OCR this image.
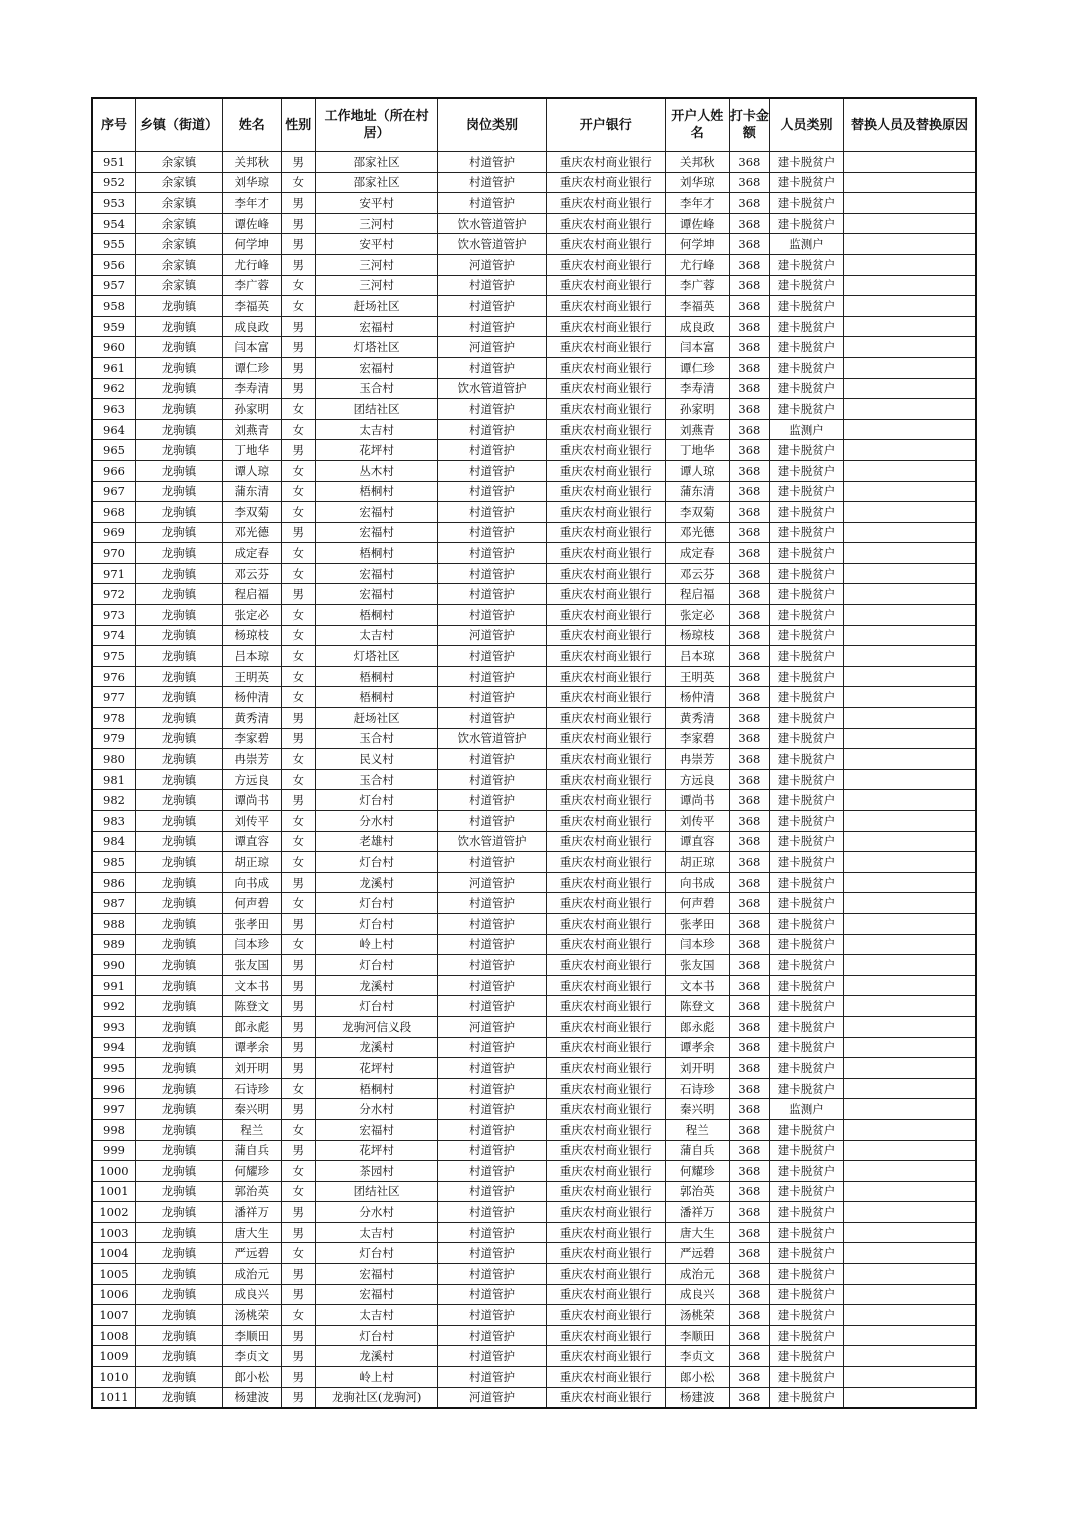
序号	乡镇（街道）	姓名	性别	工作地址（所在村居）	岗位类别	开户银行	开户人姓名	打卡金额	人员类别	替换人员及替换原因
951	余家镇	关邦秋	男	邵家社区	村道管护	重庆农村商业银行	关邦秋	368	建卡脱贫户	
952	余家镇	刘华琼	女	邵家社区	村道管护	重庆农村商业银行	刘华琼	368	建卡脱贫户	
953	余家镇	李年才	男	安平村	村道管护	重庆农村商业银行	李年才	368	建卡脱贫户	
954	余家镇	谭佐峰	男	三河村	饮水管道管护	重庆农村商业银行	谭佐峰	368	建卡脱贫户	
955	余家镇	何学坤	男	安平村	饮水管道管护	重庆农村商业银行	何学坤	368	监测户	
956	余家镇	尤行峰	男	三河村	河道管护	重庆农村商业银行	尤行峰	368	建卡脱贫户	
957	余家镇	李广蓉	女	三河村	村道管护	重庆农村商业银行	李广蓉	368	建卡脱贫户	
958	龙驹镇	李福英	女	赶场社区	村道管护	重庆农村商业银行	李福英	368	建卡脱贫户	
959	龙驹镇	成良政	男	宏福村	村道管护	重庆农村商业银行	成良政	368	建卡脱贫户	
960	龙驹镇	闫本富	男	灯塔社区	河道管护	重庆农村商业银行	闫本富	368	建卡脱贫户	
961	龙驹镇	谭仁珍	男	宏福村	村道管护	重庆农村商业银行	谭仁珍	368	建卡脱贫户	
962	龙驹镇	李寿清	男	玉合村	饮水管道管护	重庆农村商业银行	李寿清	368	建卡脱贫户	
963	龙驹镇	孙家明	女	团结社区	村道管护	重庆农村商业银行	孙家明	368	建卡脱贫户	
964	龙驹镇	刘燕青	女	太吉村	村道管护	重庆农村商业银行	刘燕青	368	监测户	
965	龙驹镇	丁地华	男	花坪村	村道管护	重庆农村商业银行	丁地华	368	建卡脱贫户	
966	龙驹镇	谭人琼	女	丛木村	村道管护	重庆农村商业银行	谭人琼	368	建卡脱贫户	
967	龙驹镇	蒲东清	女	梧桐村	村道管护	重庆农村商业银行	蒲东清	368	建卡脱贫户	
968	龙驹镇	李双菊	女	宏福村	村道管护	重庆农村商业银行	李双菊	368	建卡脱贫户	
969	龙驹镇	邓光德	男	宏福村	村道管护	重庆农村商业银行	邓光德	368	建卡脱贫户	
970	龙驹镇	成定春	女	梧桐村	村道管护	重庆农村商业银行	成定春	368	建卡脱贫户	
971	龙驹镇	邓云芬	女	宏福村	村道管护	重庆农村商业银行	邓云芬	368	建卡脱贫户	
972	龙驹镇	程启福	男	宏福村	村道管护	重庆农村商业银行	程启福	368	建卡脱贫户	
973	龙驹镇	张定必	女	梧桐村	村道管护	重庆农村商业银行	张定必	368	建卡脱贫户	
974	龙驹镇	杨琼枝	女	太吉村	河道管护	重庆农村商业银行	杨琼枝	368	建卡脱贫户	
975	龙驹镇	吕本琼	女	灯塔社区	村道管护	重庆农村商业银行	吕本琼	368	建卡脱贫户	
976	龙驹镇	王明英	女	梧桐村	村道管护	重庆农村商业银行	王明英	368	建卡脱贫户	
977	龙驹镇	杨仲清	女	梧桐村	村道管护	重庆农村商业银行	杨仲清	368	建卡脱贫户	
978	龙驹镇	黄秀清	男	赶场社区	村道管护	重庆农村商业银行	黄秀清	368	建卡脱贫户	
979	龙驹镇	李家碧	男	玉合村	饮水管道管护	重庆农村商业银行	李家碧	368	建卡脱贫户	
980	龙驹镇	冉崇芳	女	民义村	村道管护	重庆农村商业银行	冉崇芳	368	建卡脱贫户	
981	龙驹镇	方远良	女	玉合村	村道管护	重庆农村商业银行	方远良	368	建卡脱贫户	
982	龙驹镇	谭尚书	男	灯台村	村道管护	重庆农村商业银行	谭尚书	368	建卡脱贫户	
983	龙驹镇	刘传平	女	分水村	村道管护	重庆农村商业银行	刘传平	368	建卡脱贫户	
984	龙驹镇	谭直容	女	老雄村	饮水管道管护	重庆农村商业银行	谭直容	368	建卡脱贫户	
985	龙驹镇	胡正琼	女	灯台村	村道管护	重庆农村商业银行	胡正琼	368	建卡脱贫户	
986	龙驹镇	向书成	男	龙溪村	河道管护	重庆农村商业银行	向书成	368	建卡脱贫户	
987	龙驹镇	何声碧	女	灯台村	村道管护	重庆农村商业银行	何声碧	368	建卡脱贫户	
988	龙驹镇	张孝田	男	灯台村	村道管护	重庆农村商业银行	张孝田	368	建卡脱贫户	
989	龙驹镇	闫本珍	女	岭上村	村道管护	重庆农村商业银行	闫本珍	368	建卡脱贫户	
990	龙驹镇	张友国	男	灯台村	村道管护	重庆农村商业银行	张友国	368	建卡脱贫户	
991	龙驹镇	文本书	男	龙溪村	村道管护	重庆农村商业银行	文本书	368	建卡脱贫户	
992	龙驹镇	陈登文	男	灯台村	村道管护	重庆农村商业银行	陈登文	368	建卡脱贫户	
993	龙驹镇	郎永彪	男	龙驹河信义段	河道管护	重庆农村商业银行	郎永彪	368	建卡脱贫户	
994	龙驹镇	谭孝余	男	龙溪村	村道管护	重庆农村商业银行	谭孝余	368	建卡脱贫户	
995	龙驹镇	刘开明	男	花坪村	村道管护	重庆农村商业银行	刘开明	368	建卡脱贫户	
996	龙驹镇	石诗珍	女	梧桐村	村道管护	重庆农村商业银行	石诗珍	368	建卡脱贫户	
997	龙驹镇	秦兴明	男	分水村	村道管护	重庆农村商业银行	秦兴明	368	监测户	
998	龙驹镇	程兰	女	宏福村	村道管护	重庆农村商业银行	程兰	368	建卡脱贫户	
999	龙驹镇	蒲自兵	男	花坪村	村道管护	重庆农村商业银行	蒲自兵	368	建卡脱贫户	
1000	龙驹镇	何耀珍	女	茶园村	村道管护	重庆农村商业银行	何耀珍	368	建卡脱贫户	
1001	龙驹镇	郭治英	女	团结社区	村道管护	重庆农村商业银行	郭治英	368	建卡脱贫户	
1002	龙驹镇	潘祥万	男	分水村	村道管护	重庆农村商业银行	潘祥万	368	建卡脱贫户	
1003	龙驹镇	唐大生	男	太吉村	村道管护	重庆农村商业银行	唐大生	368	建卡脱贫户	
1004	龙驹镇	严远碧	女	灯台村	村道管护	重庆农村商业银行	严远碧	368	建卡脱贫户	
1005	龙驹镇	成治元	男	宏福村	村道管护	重庆农村商业银行	成治元	368	建卡脱贫户	
1006	龙驹镇	成良兴	男	宏福村	村道管护	重庆农村商业银行	成良兴	368	建卡脱贫户	
1007	龙驹镇	汤桃荣	女	太吉村	村道管护	重庆农村商业银行	汤桃荣	368	建卡脱贫户	
1008	龙驹镇	李顺田	男	灯台村	村道管护	重庆农村商业银行	李顺田	368	建卡脱贫户	
1009	龙驹镇	李贞文	男	龙溪村	村道管护	重庆农村商业银行	李贞文	368	建卡脱贫户	
1010	龙驹镇	郎小松	男	岭上村	村道管护	重庆农村商业银行	郎小松	368	建卡脱贫户	
1011	龙驹镇	杨建波	男	龙驹社区(龙驹河)	河道管护	重庆农村商业银行	杨建波	368	建卡脱贫户	
